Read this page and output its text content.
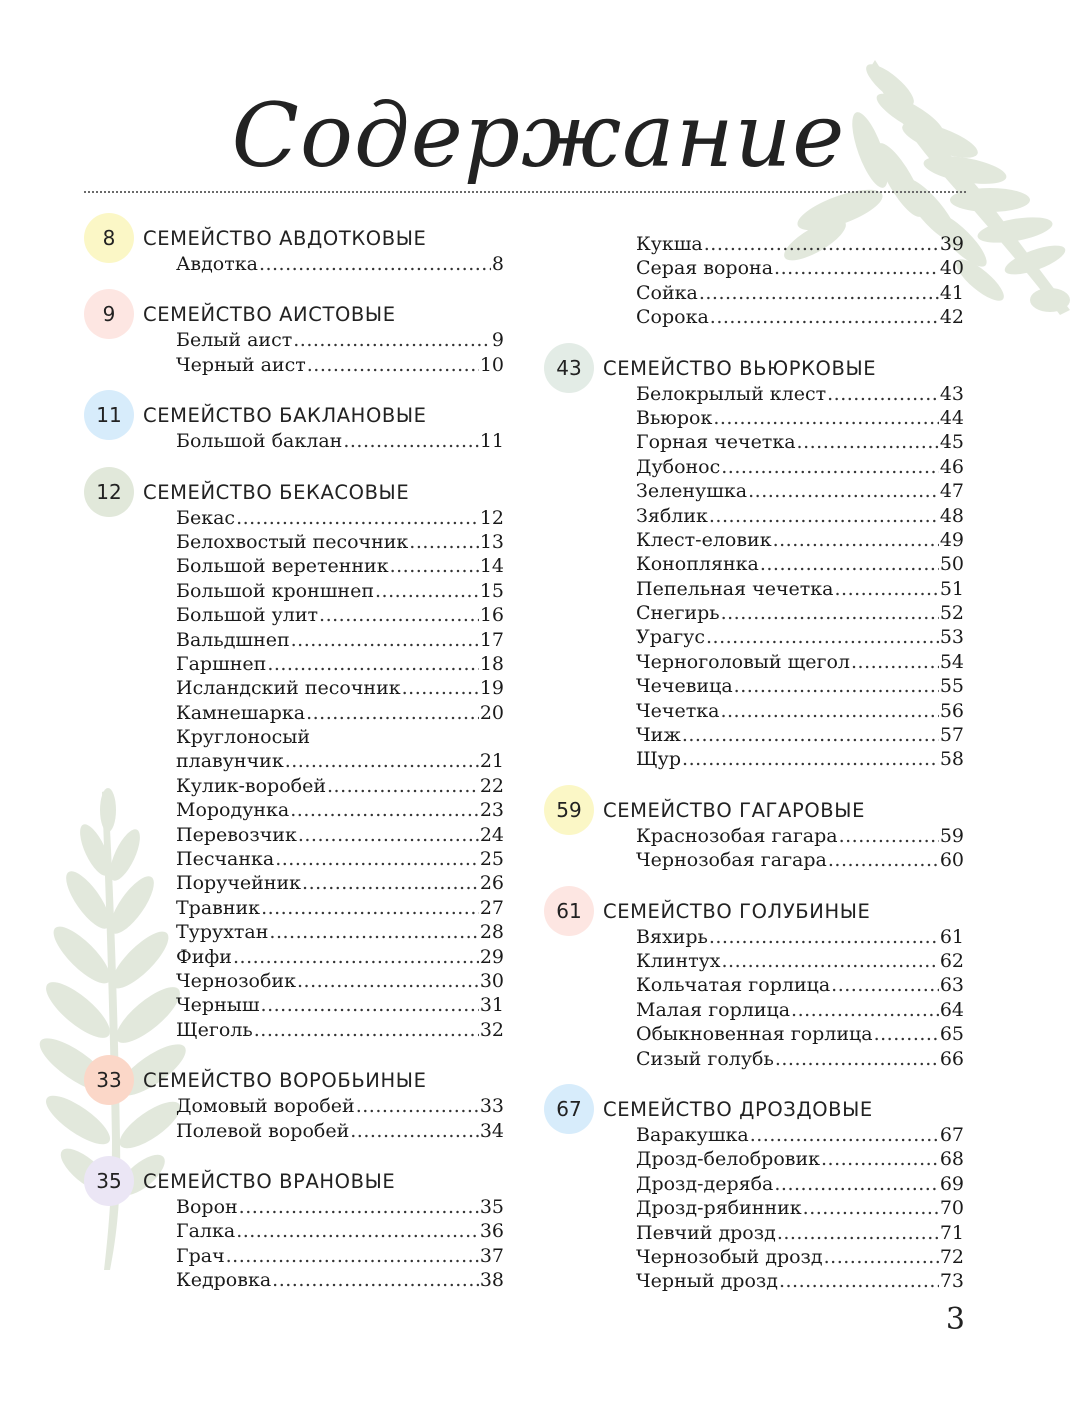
Содержание
8	СЕМЕЙСТВО АВДОТКОВЫЕ
Авдотка .....	8
9	СЕМЕЙСТВО АИСТОВЫЕ
Белый аист .....	9
Черный аист .....	10
11	СЕМЕЙСТВО БАКЛАНОВЫЕ
Большой баклан .....	11
12	СЕМЕЙСТВО БЕКАСОВЫЕ
Бекас .....	12
Белохвостый песочник .....	13
Большой веретенник .....	14
Большой кроншнеп .....	15
Большой улит .....	16
Вальдшнеп .....	17
Гаршнеп .....	18
Исландский песочник .....	19
Камнешарка .....	20
Круглоносый
плавунчик .....	21
Кулик-воробей .....	22
Мородунка .....	23
Перевозчик .....	24
Песчанка .....	25
Поручейник .....	26
Травник .....	27
Турухтан .....	28
Фифи .....	29
Чернозобик .....	30
Черныш .....	31
Щеголь .....	32
33	СЕМЕЙСТВО ВОРОБЬИНЫЕ
Домовый воробей .....	33
Полевой воробей .....	34
35	СЕМЕЙСТВО ВРАНОВЫЕ
Ворон .....	35
Галка .....	36
Грач .....	37
Кедровка .....	38
Кукша .....	39
Серая ворона .....	40
Сойка .....	41
Сорока .....	42
43	СЕМЕЙСТВО ВЬЮРКОВЫЕ
Белокрылый клест .....	43
Вьюрок .....	44
Горная чечетка .....	45
Дубонос .....	46
Зеленушка .....	47
Зяблик .....	48
Клест-еловик .....	49
Коноплянка .....	50
Пепельная чечетка .....	51
Снегирь .....	52
Урагус .....	53
Черноголовый щегол .....	54
Чечевица .....	55
Чечетка .....	56
Чиж .....	57
Щур .....	58
59	СЕМЕЙСТВО ГАГАРОВЫЕ
Краснозобая гагара .....	59
Чернозобая гагара .....	60
61	СЕМЕЙСТВО ГОЛУБИНЫЕ
Вяхирь .....	61
Клинтух .....	62
Кольчатая горлица .....	63
Малая горлица .....	64
Обыкновенная горлица .....	65
Сизый голубь .....	66
67	СЕМЕЙСТВО ДРОЗДОВЫЕ
Варакушка .....	67
Дрозд-белобровик .....	68
Дрозд-деряба .....	69
Дрозд-рябинник .....	70
Певчий дрозд .....	71
Чернозобый дрозд .....	72
Черный дрозд .....	73
3
